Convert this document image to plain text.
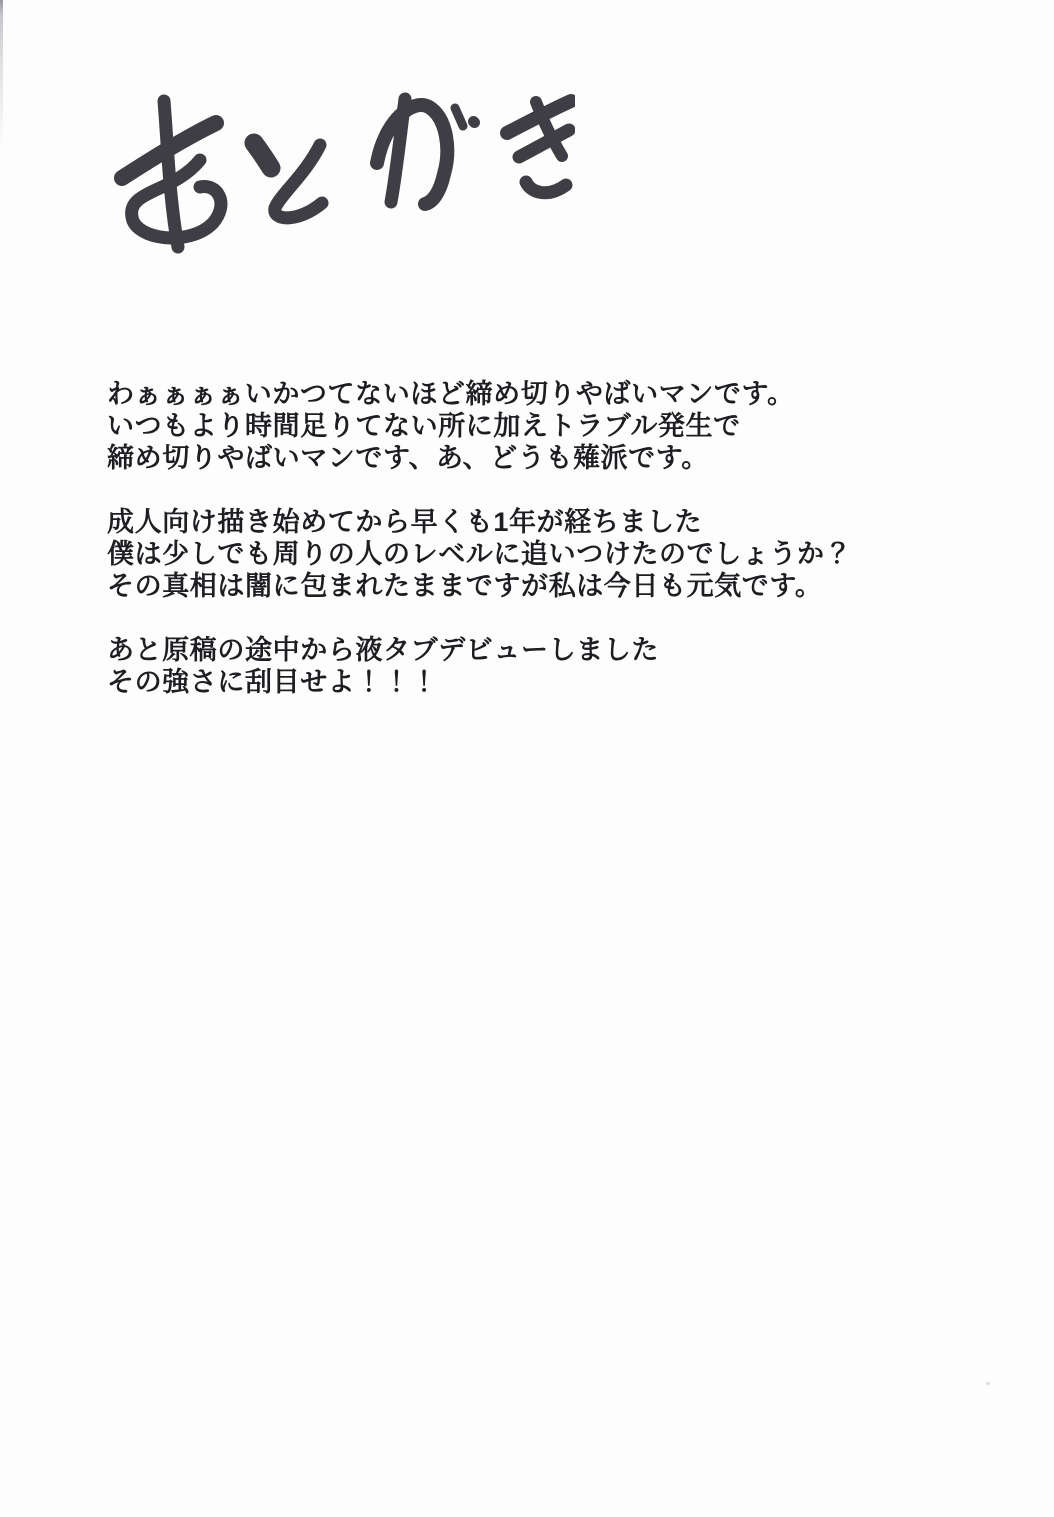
わぁぁぁぁいかつてないほど締め切りやばいマンです。
いつもより時間足りてない所に加えトラブル発生で
締め切りやばいマンです、あ、どうも薙派です。

成人向け描き始めてから早くも1年が経ちました
僕は少しでも周りの人のレベルに追いつけたのでしょうか？
その真相は闇に包まれたままですが私は今日も元気です。

あと原稿の途中から液タブデビューしました
その強さに刮目せよ！！！
